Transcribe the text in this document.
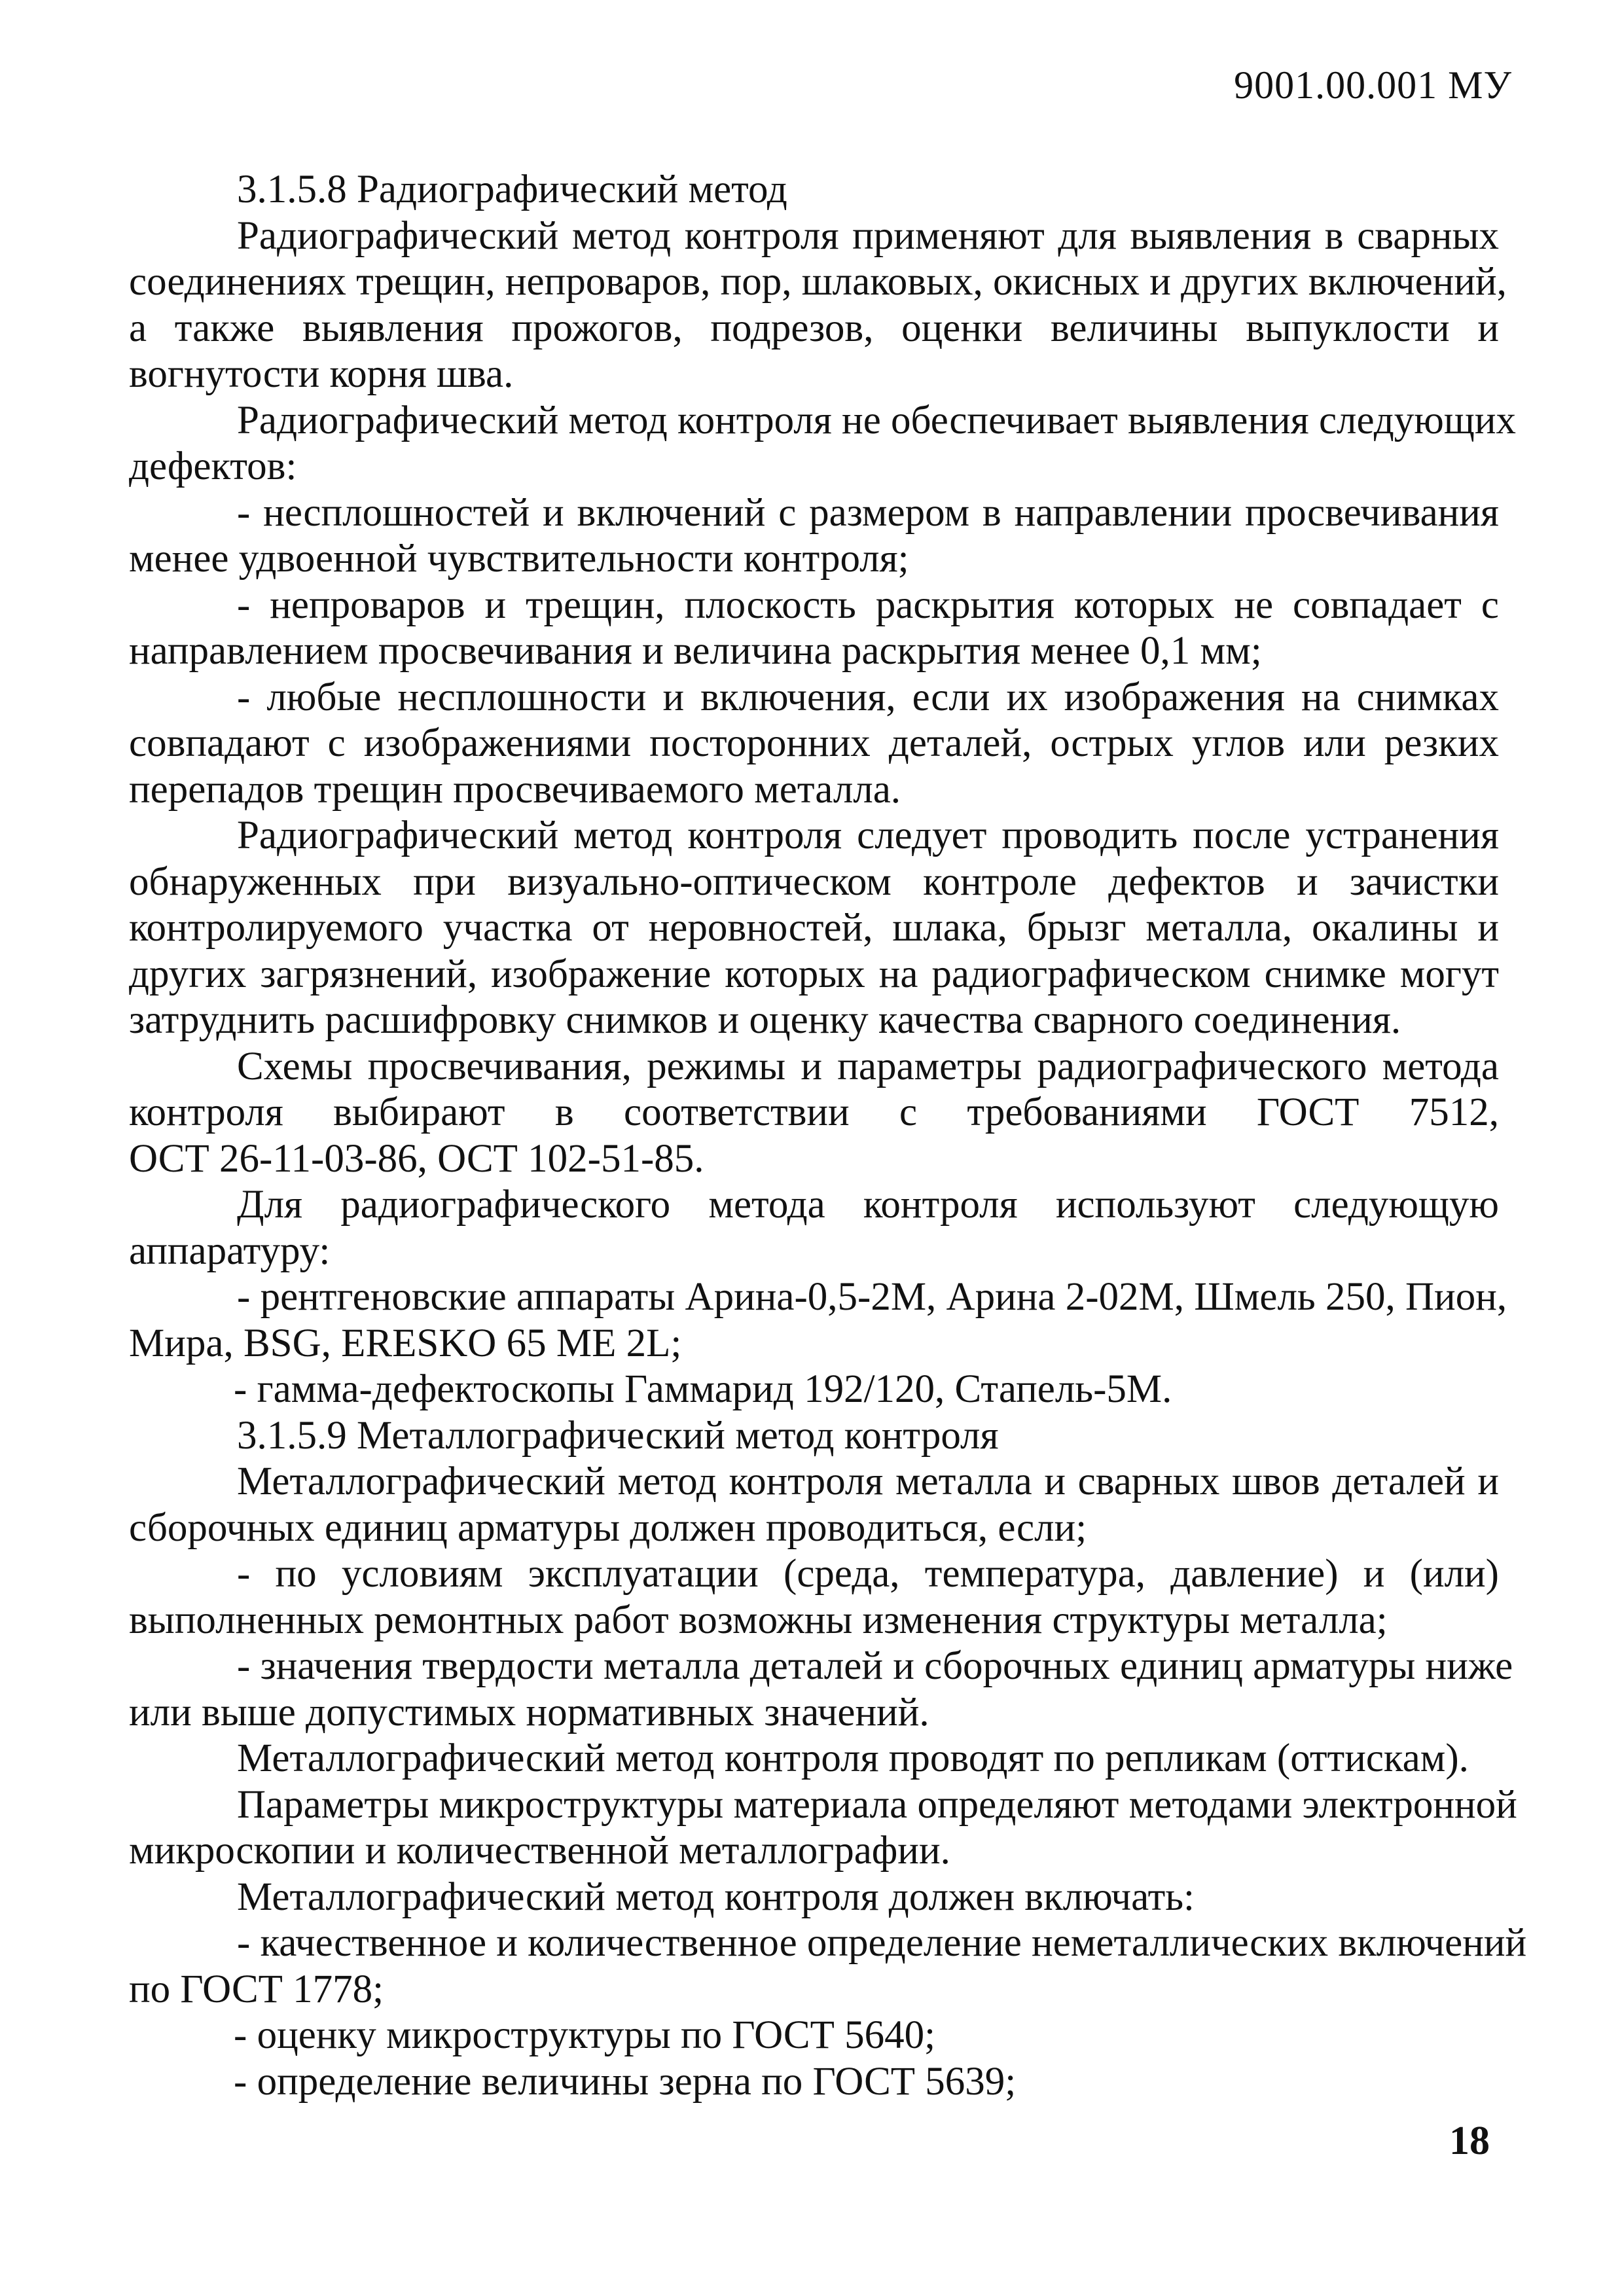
9001.00.001 МУ
3.1.5.8 Радиографический метод
Радиографический метод контроля применяют для выявления в сварных
соединениях трещин, непроваров, пор, шлаковых, окисных и других включений,
а также выявления прожогов, подрезов, оценки величины выпуклости и
вогнутости корня шва.
Радиографический метод контроля не обеспечивает выявления следующих
дефектов:
- несплошностей и включений с размером в направлении просвечивания
менее удвоенной чувствительности контроля;
- непроваров и трещин, плоскость раскрытия которых не совпадает с
направлением просвечивания и величина раскрытия менее 0,1 мм;
- любые несплошности и включения, если их изображения на снимках
совпадают с изображениями посторонних деталей, острых углов или резких
перепадов трещин просвечиваемого металла.
Радиографический метод контроля следует проводить после устранения
обнаруженных при визуально-оптическом контроле дефектов и зачистки
контролируемого участка от неровностей, шлака, брызг металла, окалины и
других загрязнений, изображение которых на радиографическом снимке могут
затруднить расшифровку снимков и оценку качества сварного соединения.
Схемы просвечивания, режимы и параметры радиографического метода
контроля выбирают в соответствии с требованиями ГОСТ 7512,
ОСТ 26-11-03-86, ОСТ 102-51-85.
Для радиографического метода контроля используют следующую
аппаратуру:
- рентгеновские аппараты Арина-0,5-2М, Арина 2-02М, Шмель 250, Пион,
Мира, BSG, ERESKO 65 ME 2L;
- гамма-дефектоскопы Гаммарид 192/120, Стапель-5М.
3.1.5.9 Металлографический метод контроля
Металлографический метод контроля металла и сварных швов деталей и
сборочных единиц арматуры должен проводиться, если;
- по условиям эксплуатации (среда, температура, давление) и (или)
выполненных ремонтных работ возможны изменения структуры металла;
- значения твердости металла деталей и сборочных единиц арматуры ниже
или выше допустимых нормативных значений.
Металлографический метод контроля проводят по репликам (оттискам).
Параметры микроструктуры материала определяют методами электронной
микроскопии и количественной металлографии.
Металлографический метод контроля должен включать:
- качественное и количественное определение неметаллических включений
по ГОСТ 1778;
- оценку микроструктуры по ГОСТ 5640;
- определение величины зерна по ГОСТ 5639;
18
